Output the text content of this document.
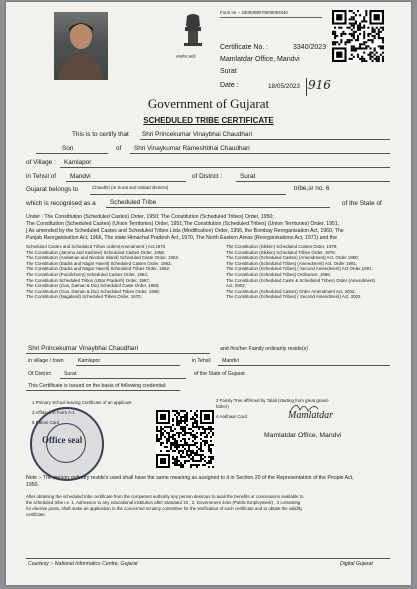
सत्यमेव जयते
Form no :- 3300009070009093340
Certificate No. :	3340/2023
Mamlatdar Office, Mandvi
Surat
Date :	18/05/2023 916
Government of Gujarat
SCHEDULED TRIBE CERTIFICATE
This is to certify that Shri Princekumar Vinaybhai Chaudhari
Son	of Shri Vinaykumar Rameshbhai Chaudhari
of Village : Kamlapor
in Tehsil of Mandvi	of District :	Surat
Gujarat belongs to	Chaudhri (In Surat and Valsad districts)	tribe,sr no. 6
which is recognised as a Scheduled Tribe	of the State of
Under : The Constitution (Scheduled Castes) Order, 1950; The Constitution (Scheduled Tribes) Order, 1950;
The Constitution (Scheduled Castes) (Union Territories) Order, 1951;The Constitution (Scheduled Tribes) (Union Territories) Order, 1951,
[ As amended by the Scheduled Castes and Scheduled Tribes Lists (Modification) Order, 1956, the Bombay Reorganisation Act, 1960, The
Punjab Reorganisation Act, 1966, The state Himachal Pradesh Act, 1970, The North Eastern Areas (Reorganisations Act, 1971) and the
Scheduled Castes and Scheduled Tribes orders(Amendment ) Act,1976
The Constitution (Jammu and Kashmir) Scheduled Castes Order, 1956;
The Constitution (Andaman and Nicobar Island) Scheduled Caste Order, 1962;
The Constitution (Dadra and Nagar Haveli) Scheduled Castes Order, 1962;
The Constitution (Dadra and Nagar Haveli) Scheduled Tribes Order, 1962;
The Constitution (Pondicherry) Scheduled Castes Order, 1964;
The Constitution Scheduled Tribes (Uttar Pradesh) Order, 1967;
The Constitution (Goa, Daman & Diu) Scheduled Caste Order, 1968;
The Constitution (Goa, Daman & Diu) Scheduled Tribes Order, 1968;
The Constitution (Nagaland) Scheduled Tribes Order, 1970;
The Constitution (Sikkim) Scheduled Castes Order, 1978;
The Constitution (Sikkim) Scheduled Tribes Order, 1978;
The Constitution (Scheduled Castes) (Amendment) Act, Order 1990;
The Constitution (Scheduled Tribes) (Amendment) Act, Order 1991;
The Constitution (Scheduled Tribes) ( Second Amendment) Act Order,1991;
The Constitution (Scheduled Tribes) Ordinance, 1996;
The Constitution (Scheduled Caste & Scheduled Tribes) Order (Amendment)
Act, 2002;
The Constitution (Scheduled Castes) Order Amendment Act, 2002;
The Constitution (Scheduled Tribes) ( Second Amendment) Act, 2002.
Shri Princekumar Vinaybhai Chaudhari	and /his/her Family ordinarily reside(s)
in village / town	Kamlapor	in Tehsil Mandvi
Of District	Surat	of the State of Gujarat
This Certificate is issued on the basis of following credential:
1 Primary School leaving Certificate of an applicant
3 Affidavit in Form A-1
5 Ration Card
2 Family Tree affirmed by Talati (starting from great grand-
father)
4 Aadhaar Card
Office seal
Mamlatdar
Mamlatdar Office, Mandvi
Note :- The person ordinary reside's used shall have the same meaning as assigned to it in Section 20 of the Representation of the People Act,
1950.
After obtaining the scheduled tribe certificate from the competent authority any person desirous to avail the benefits or concessions available to
the scheduled tribe i.e. 1. Admission to any educational institution after Standard 10 , 2. Government Jobs (Public Employment) , 3 contesting
for elective posts, shall make an application to the concerned scrutiny committee for the verification of such certificate and to obtain the validity
certificate.
Courtesy :- National Informatics Centre, Gujarat	Digital Gujarat
